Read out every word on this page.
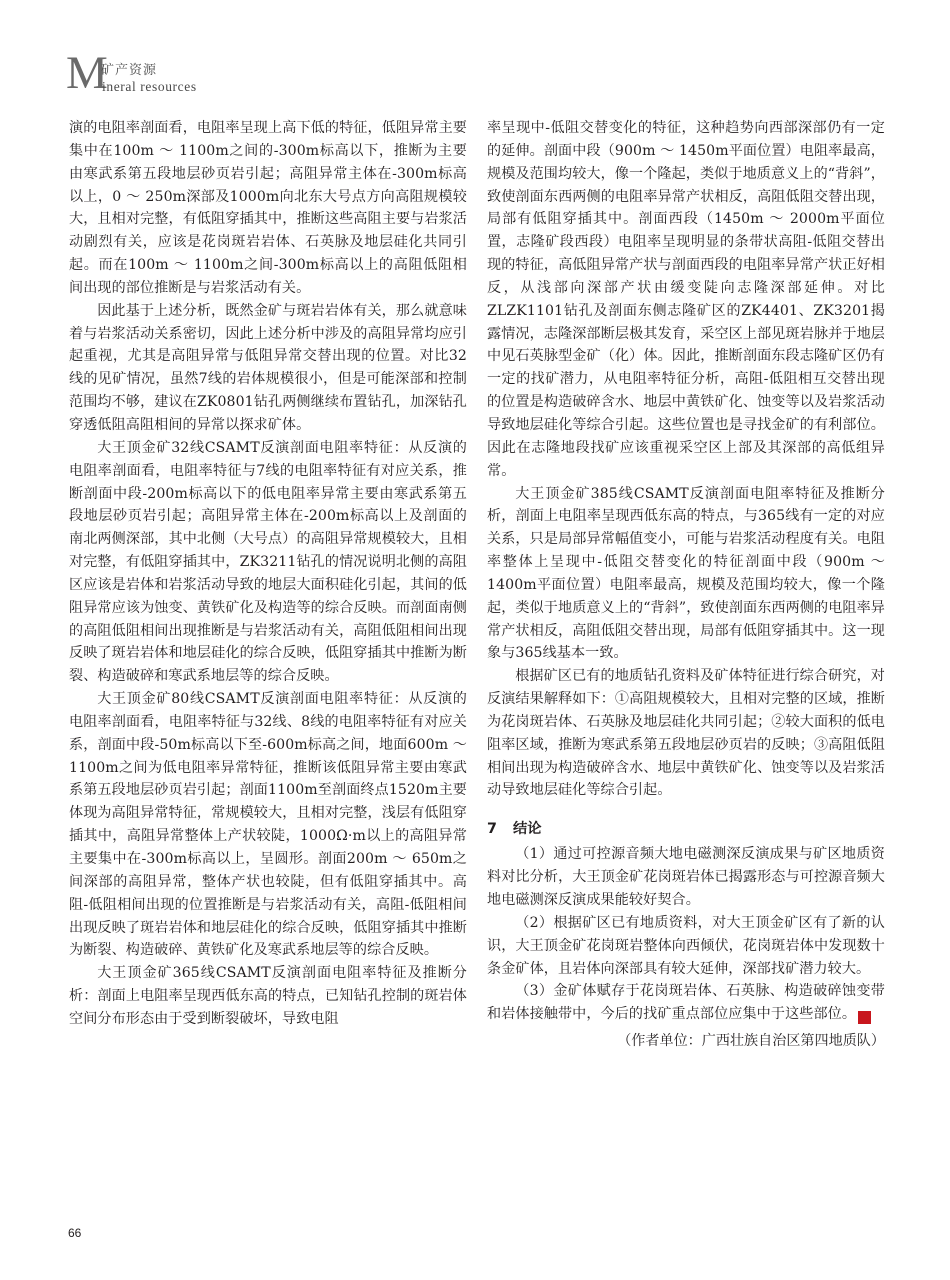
M
矿产资源
ineral resources

演的电阻率剖面看，电阻率呈现上高下低的特征，低阻异常主要集中在100m ～ 1100m之间的-300m标高以下，推断为主要由寒武系第五段地层砂页岩引起；高阻异常主体在-300m标高以上，0 ～ 250m深部及1000m向北东大号点方向高阻规模较大，且相对完整，有低阻穿插其中，推断这些高阻主要与岩浆活动剧烈有关，应该是花岗斑岩岩体、石英脉及地层硅化共同引起。而在100m ～ 1100m之间-300m标高以上的高阻低阻相间出现的部位推断是与岩浆活动有关。

因此基于上述分析，既然金矿与斑岩岩体有关，那么就意味着与岩浆活动关系密切，因此上述分析中涉及的高阻异常均应引起重视，尤其是高阻异常与低阻异常交替出现的位置。对比32线的见矿情况，虽然7线的岩体规模很小，但是可能深部和控制范围均不够，建议在ZK0801钻孔两侧继续布置钻孔，加深钻孔穿透低阻高阻相间的异常以探求矿体。

大王顶金矿32线CSAMT反演剖面电阻率特征：从反演的电阻率剖面看，电阻率特征与7线的电阻率特征有对应关系，推断剖面中段-200m标高以下的低电阻率异常主要由寒武系第五段地层砂页岩引起；高阻异常主体在-200m标高以上及剖面的南北两侧深部，其中北侧（大号点）的高阻异常规模较大，且相对完整，有低阻穿插其中，ZK3211钻孔的情况说明北侧的高阻区应该是岩体和岩浆活动导致的地层大面积硅化引起，其间的低阻异常应该为蚀变、黄铁矿化及构造等的综合反映。而剖面南侧的高阻低阻相间出现推断是与岩浆活动有关，高阻低阻相间出现反映了斑岩岩体和地层硅化的综合反映，低阻穿插其中推断为断裂、构造破碎和寒武系地层等的综合反映。

大王顶金矿80线CSAMT反演剖面电阻率特征：从反演的电阻率剖面看，电阻率特征与32线、8线的电阻率特征有对应关系，剖面中段-50m标高以下至-600m标高之间，地面600m ～ 1100m之间为低电阻率异常特征，推断该低阻异常主要由寒武系第五段地层砂页岩引起；剖面1100m至剖面终点1520m主要体现为高阻异常特征，常规模较大，且相对完整，浅层有低阻穿插其中，高阻异常整体上产状较陡，1000Ω·m以上的高阻异常主要集中在-300m标高以上，呈圆形。剖面200m ～ 650m之间深部的高阻异常，整体产状也较陡，但有低阻穿插其中。高阻-低阻相间出现的位置推断是与岩浆活动有关，高阻-低阻相间出现反映了斑岩岩体和地层硅化的综合反映，低阻穿插其中推断为断裂、构造破碎、黄铁矿化及寒武系地层等的综合反映。

大王顶金矿365线CSAMT反演剖面电阻率特征及推断分析：剖面上电阻率呈现西低东高的特点，已知钻孔控制的斑岩体空间分布形态由于受到断裂破坏，导致电阻

率呈现中-低阻交替变化的特征，这种趋势向西部深部仍有一定的延伸。剖面中段（900m ～ 1450m平面位置）电阻率最高，规模及范围均较大，像一个隆起，类似于地质意义上的“背斜”，致使剖面东西两侧的电阻率异常产状相反，高阻低阻交替出现，局部有低阻穿插其中。剖面西段（1450m ～ 2000m平面位置，志隆矿段西段）电阻率呈现明显的条带状高阻-低阻交替出现的特征，高低阻异常产状与剖面西段的电阻率异常产状正好相反，从浅部向深部产状由缓变陡向志隆深部延伸。对比ZLZK1101钻孔及剖面东侧志隆矿区的ZK4401、ZK3201揭露情况，志隆深部断层极其发育，采空区上部见斑岩脉并于地层中见石英脉型金矿（化）体。因此，推断剖面东段志隆矿区仍有一定的找矿潜力，从电阻率特征分析，高阻-低阻相互交替出现的位置是构造破碎含水、地层中黄铁矿化、蚀变等以及岩浆活动导致地层硅化等综合引起。这些位置也是寻找金矿的有利部位。因此在志隆地段找矿应该重视采空区上部及其深部的高低组异常。

大王顶金矿385线CSAMT反演剖面电阻率特征及推断分析，剖面上电阻率呈现西低东高的特点，与365线有一定的对应关系，只是局部异常幅值变小，可能与岩浆活动程度有关。电阻率整体上呈现中-低阻交替变化的特征剖面中段（900m ～ 1400m平面位置）电阻率最高，规模及范围均较大，像一个隆起，类似于地质意义上的“背斜”，致使剖面东西两侧的电阻率异常产状相反，高阻低阻交替出现，局部有低阻穿插其中。这一现象与365线基本一致。

根据矿区已有的地质钻孔资料及矿体特征进行综合研究，对反演结果解释如下：①高阻规模较大，且相对完整的区域，推断为花岗斑岩体、石英脉及地层硅化共同引起；②较大面积的低电阻率区域，推断为寒武系第五段地层砂页岩的反映；③高阻低阻相间出现为构造破碎含水、地层中黄铁矿化、蚀变等以及岩浆活动导致地层硅化等综合引起。

7 结论

（1）通过可控源音频大地电磁测深反演成果与矿区地质资料对比分析，大王顶金矿花岗斑岩体已揭露形态与可控源音频大地电磁测深反演成果能较好契合。

（2）根据矿区已有地质资料，对大王顶金矿区有了新的认识，大王顶金矿花岗斑岩整体向西倾伏，花岗斑岩体中发现数十条金矿体，且岩体向深部具有较大延伸，深部找矿潜力较大。

（3）金矿体赋存于花岗斑岩体、石英脉、构造破碎蚀变带和岩体接触带中，今后的找矿重点部位应集中于这些部位。	通

（作者单位：广西壮族自治区第四地质队）

66
